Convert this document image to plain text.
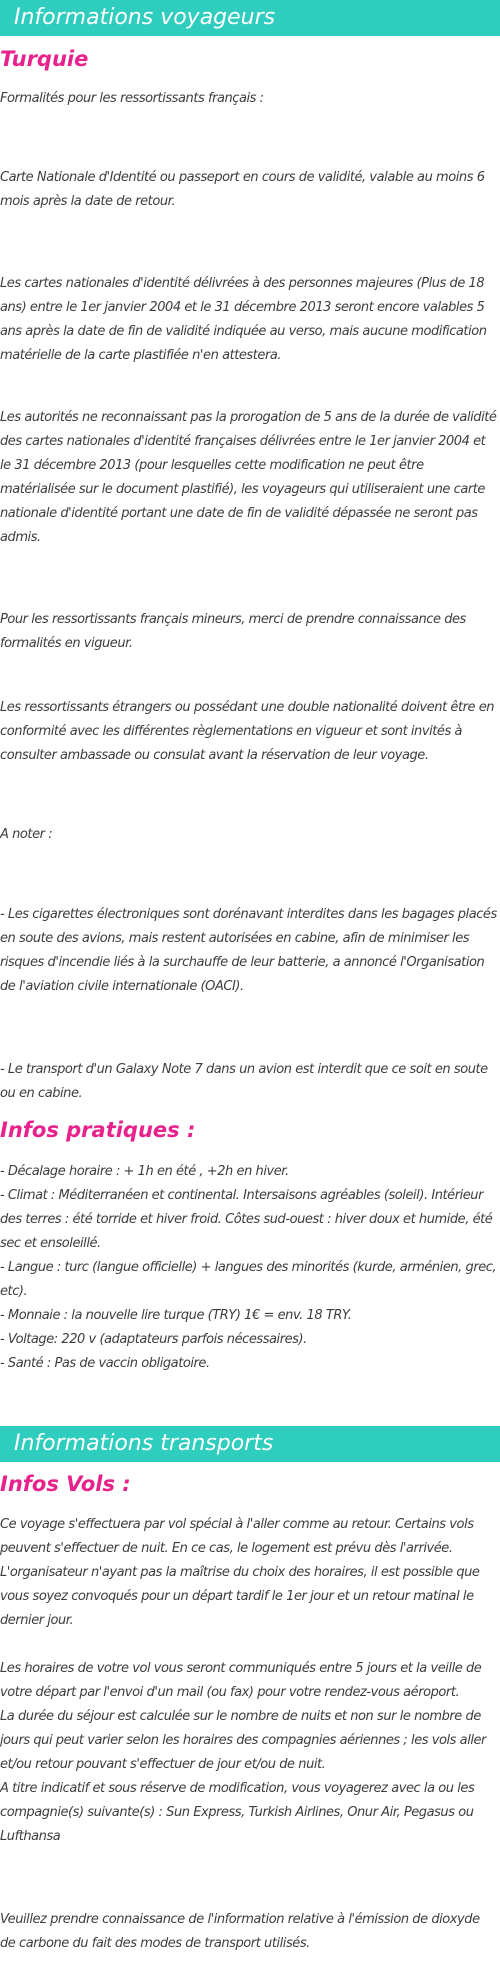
Informations voyageurs
Turquie

Formalités pour les ressortissants français :

Carte Nationale d'Identité ou passeport en cours de validité, valable au moins 6 mois après la date de retour.

Les cartes nationales d'identité délivrées à des personnes majeures (Plus de 18 ans) entre le 1er janvier 2004 et le 31 décembre 2013 seront encore valables 5 ans après la date de fin de validité indiquée au verso, mais aucune modification matérielle de la carte plastifiée n'en attestera.

Les autorités ne reconnaissant pas la prorogation de 5 ans de la durée de validité des cartes nationales d'identité françaises délivrées entre le 1er janvier 2004 et le 31 décembre 2013 (pour lesquelles cette modification ne peut être matérialisée sur le document plastifié), les voyageurs qui utiliseraient une carte nationale d'identité portant une date de fin de validité dépassée ne seront pas admis.

Pour les ressortissants français mineurs, merci de prendre connaissance des formalités en vigueur.

Les ressortissants étrangers ou possédant une double nationalité doivent être en conformité avec les différentes règlementations en vigueur et sont invités à consulter ambassade ou consulat avant la réservation de leur voyage.

A noter :

- Les cigarettes électroniques sont dorénavant interdites dans les bagages placés en soute des avions, mais restent autorisées en cabine, afin de minimiser les risques d'incendie liés à la surchauffe de leur batterie, a annoncé l'Organisation de l'aviation civile internationale (OACI).

- Le transport d'un Galaxy Note 7 dans un avion est interdit que ce soit en soute ou en cabine.

Infos pratiques :
- Décalage horaire : + 1h en été , +2h en hiver.
- Climat : Méditerranéen et continental. Intersaisons agréables (soleil). Intérieur des terres : été torride et hiver froid. Côtes sud-ouest : hiver doux et humide, été sec et ensoleillé.
- Langue : turc (langue officielle) + langues des minorités (kurde, arménien, grec, etc).
- Monnaie : la nouvelle lire turque (TRY) 1€ = env. 18 TRY.
- Voltage: 220 v (adaptateurs parfois nécessaires).
- Santé : Pas de vaccin obligatoire.
Informations transports
Infos Vols :

Ce voyage s'effectuera par vol spécial à l'aller comme au retour. Certains vols peuvent s'effectuer de nuit. En ce cas, le logement est prévu dès l'arrivée. L'organisateur n'ayant pas la maîtrise du choix des horaires, il est possible que vous soyez convoqués pour un départ tardif le 1er jour et un retour matinal le dernier jour.

Les horaires de votre vol vous seront communiqués entre 5 jours et la veille de votre départ par l'envoi d'un mail (ou fax) pour votre rendez-vous aéroport.
La durée du séjour est calculée sur le nombre de nuits et non sur le nombre de jours qui peut varier selon les horaires des compagnies aériennes ; les vols aller et/ou retour pouvant s'effectuer de jour et/ou de nuit.
A titre indicatif et sous réserve de modification, vous voyagerez avec la ou les compagnie(s) suivante(s) : Sun Express, Turkish Airlines, Onur Air, Pegasus ou Lufthansa

Veuillez prendre connaissance de l'information relative à l'émission de dioxyde de carbone du fait des modes de transport utilisés.
